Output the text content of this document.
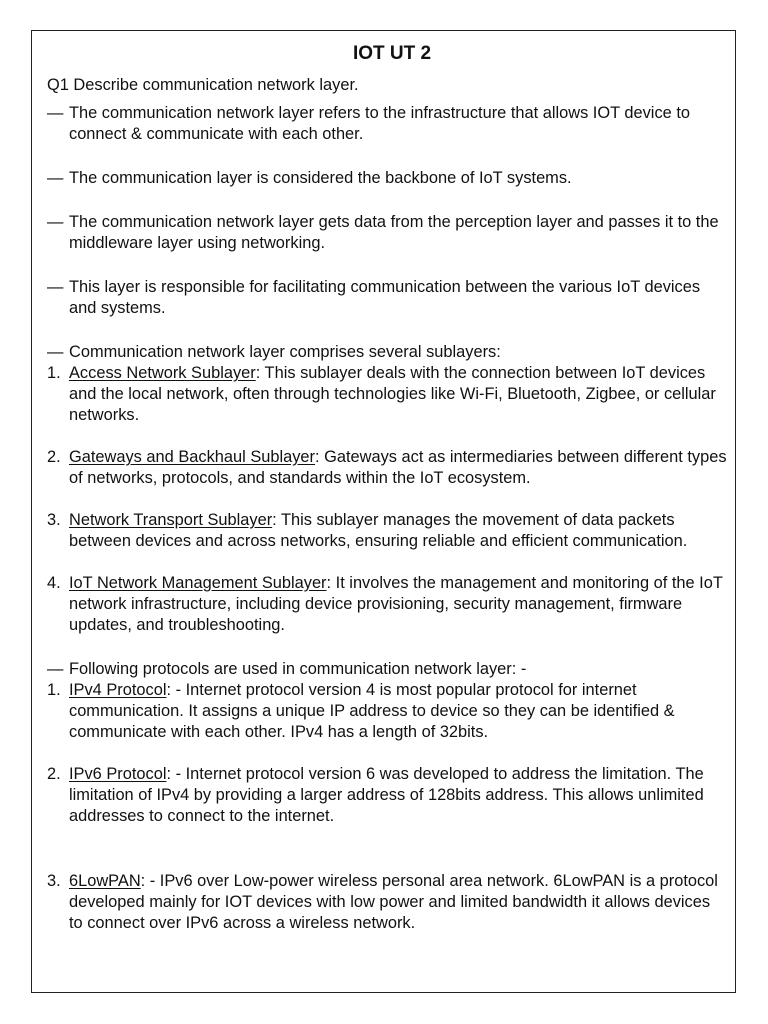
IOT UT 2
Q1 Describe communication network layer.
— The communication network layer refers to the infrastructure that allows IOT device to connect & communicate with each other.
— The communication layer is considered the backbone of IoT systems.
— The communication network layer gets data from the perception layer and passes it to the middleware layer using networking.
— This layer is responsible for facilitating communication between the various IoT devices and systems.
— Communication network layer comprises several sublayers:
1. Access Network Sublayer: This sublayer deals with the connection between IoT devices and the local network, often through technologies like Wi-Fi, Bluetooth, Zigbee, or cellular networks.
2. Gateways and Backhaul Sublayer: Gateways act as intermediaries between different types of networks, protocols, and standards within the IoT ecosystem.
3. Network Transport Sublayer: This sublayer manages the movement of data packets between devices and across networks, ensuring reliable and efficient communication.
4. IoT Network Management Sublayer: It involves the management and monitoring of the IoT network infrastructure, including device provisioning, security management, firmware updates, and troubleshooting.
— Following protocols are used in communication network layer: -
1. IPv4 Protocol: - Internet protocol version 4 is most popular protocol for internet communication. It assigns a unique IP address to device so they can be identified & communicate with each other. IPv4 has a length of 32bits.
2. IPv6 Protocol: - Internet protocol version 6 was developed to address the limitation. The limitation of IPv4 by providing a larger address of 128bits address. This allows unlimited addresses to connect to the internet.
3. 6LowPAN: - IPv6 over Low-power wireless personal area network. 6LowPAN is a protocol developed mainly for IOT devices with low power and limited bandwidth it allows devices to connect over IPv6 across a wireless network.
